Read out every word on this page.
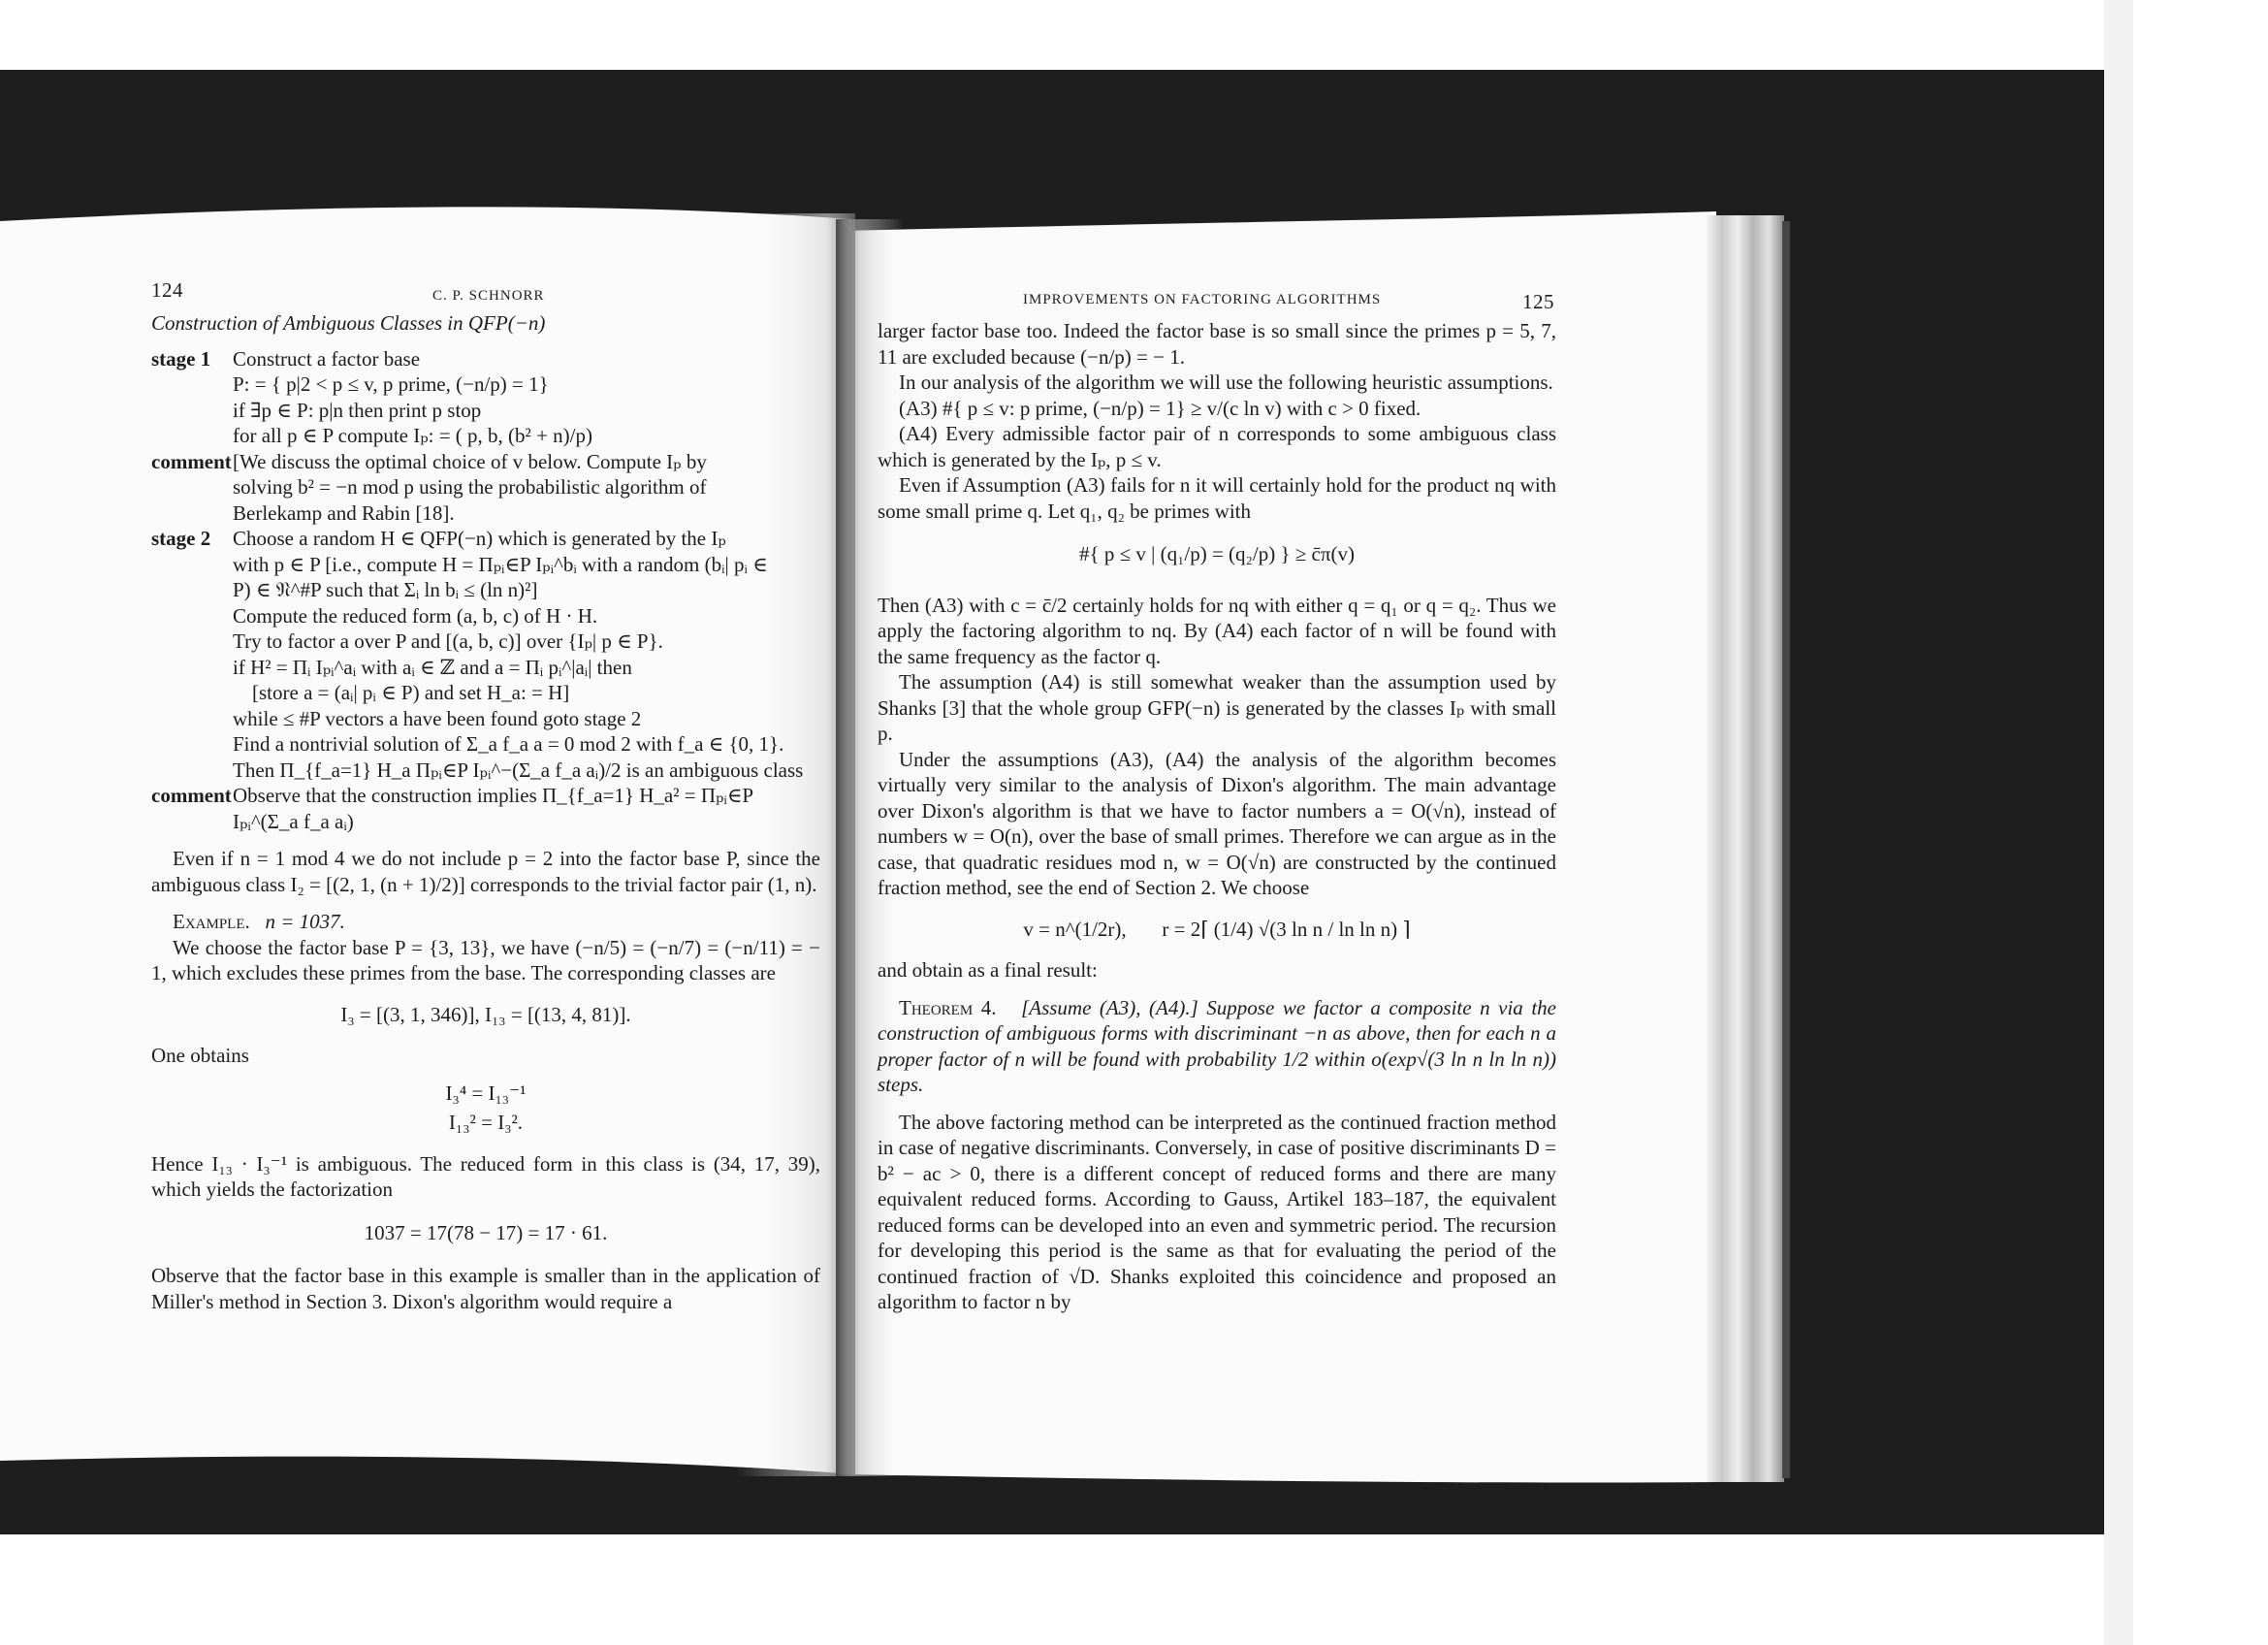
124	C. P. SCHNORR
Construction of Ambiguous Classes in QFP(−n)
stage 1	Construct a factor base
P: = { p|2 < p ≤ v, p prime, (−n/p) = 1}
if ∃p ∈ P: p|n then print p stop
for all p ∈ P compute Iₚ: = ( p, b, (b² + n)/p)
comment [We discuss the optimal choice of v below. Compute Iₚ by
solving b² = −n mod p using the probabilistic algorithm of
Berlekamp and Rabin [18].
stage 2	Choose a random H ∈ QFP(−n) which is generated by the Iₚ
with p ∈ P [i.e., compute H = Πₚᵢ∈P Iₚᵢ^bᵢ with a random (bᵢ| pᵢ ∈
P) ∈ 𝔑^#P such that Σᵢ ln bᵢ ≤ (ln n)²]
Compute the reduced form (a, b, c) of H · H.
Try to factor a over P and [(a, b, c)] over {Iₚ| p ∈ P}.
if H² = Πᵢ Iₚᵢ^aᵢ with aᵢ ∈ ℤ and a = Πᵢ pᵢ^|aᵢ| then
[store a = (aᵢ| pᵢ ∈ P) and set H_a: = H]
while ≤ #P vectors a have been found goto stage 2
Find a nontrivial solution of Σ_a f_a a = 0 mod 2 with f_a ∈ {0, 1}.
Then Π_{f_a=1} H_a Πₚᵢ∈P Iₚᵢ^−(Σ_a f_a aᵢ)/2 is an ambiguous class
comment Observe that the construction implies Π_{f_a=1} H_a² = Πₚᵢ∈P Iₚᵢ^(Σ_a f_a aᵢ)
Even if n = 1 mod 4 we do not include p = 2 into the factor base P, since the ambiguous class I₂ = [(2, 1, (n + 1)/2)] corresponds to the trivial factor pair (1, n).
Example. n = 1037.
We choose the factor base P = {3, 13}, we have (−n/5) = (−n/7) = (−n/11) = − 1, which excludes these primes from the base. The corresponding classes are
I₃ = [(3, 1, 346)], I₁₃ = [(13, 4, 81)].
One obtains
I₃⁴ = I₁₃⁻¹
I₁₃² = I₃².
Hence I₁₃ · I₃⁻¹ is ambiguous. The reduced form in this class is (34, 17, 39), which yields the factorization
1037 = 17(78 − 17) = 17 · 61.
Observe that the factor base in this example is smaller than in the application of Miller's method in Section 3. Dixon's algorithm would require a
IMPROVEMENTS ON FACTORING ALGORITHMS	125
larger factor base too. Indeed the factor base is so small since the primes p = 5, 7, 11 are excluded because (−n/p) = − 1.
In our analysis of the algorithm we will use the following heuristic assumptions.
(A3) #{ p ≤ v: p prime, (−n/p) = 1} ≥ v/(c ln v) with c > 0 fixed.
(A4) Every admissible factor pair of n corresponds to some ambiguous class which is generated by the Iₚ, p ≤ v.
Even if Assumption (A3) fails for n it will certainly hold for the product nq with some small prime q. Let q₁, q₂ be primes with
#{ p ≤ v | (q₁/p) = (q₂/p) } ≥ c̄π(v)
Then (A3) with c = c̄/2 certainly holds for nq with either q = q₁ or q = q₂. Thus we apply the factoring algorithm to nq. By (A4) each factor of n will be found with the same frequency as the factor q.
The assumption (A4) is still somewhat weaker than the assumption used by Shanks [3] that the whole group GFP(−n) is generated by the classes Iₚ with small p.
Under the assumptions (A3), (A4) the analysis of the algorithm becomes virtually very similar to the analysis of Dixon's algorithm. The main advantage over Dixon's algorithm is that we have to factor numbers a = O(√n), instead of numbers w = O(n), over the base of small primes. Therefore we can argue as in the case, that quadratic residues mod n, w = O(√n) are constructed by the continued fraction method, see the end of Section 2. We choose
v = n^(1/2r), r = 2⌈ (1/4) √(3 ln n / ln ln n) ⌉
and obtain as a final result:
Theorem 4. [Assume (A3), (A4).] Suppose we factor a composite n via the construction of ambiguous forms with discriminant −n as above, then for each n a proper factor of n will be found with probability 1/2 within o(exp√(3 ln n ln ln n)) steps.
The above factoring method can be interpreted as the continued fraction method in case of negative discriminants. Conversely, in case of positive discriminants D = b² − ac > 0, there is a different concept of reduced forms and there are many equivalent reduced forms. According to Gauss, Artikel 183–187, the equivalent reduced forms can be developed into an even and symmetric period. The recursion for developing this period is the same as that for evaluating the period of the continued fraction of √D. Shanks exploited this coincidence and proposed an algorithm to factor n by
